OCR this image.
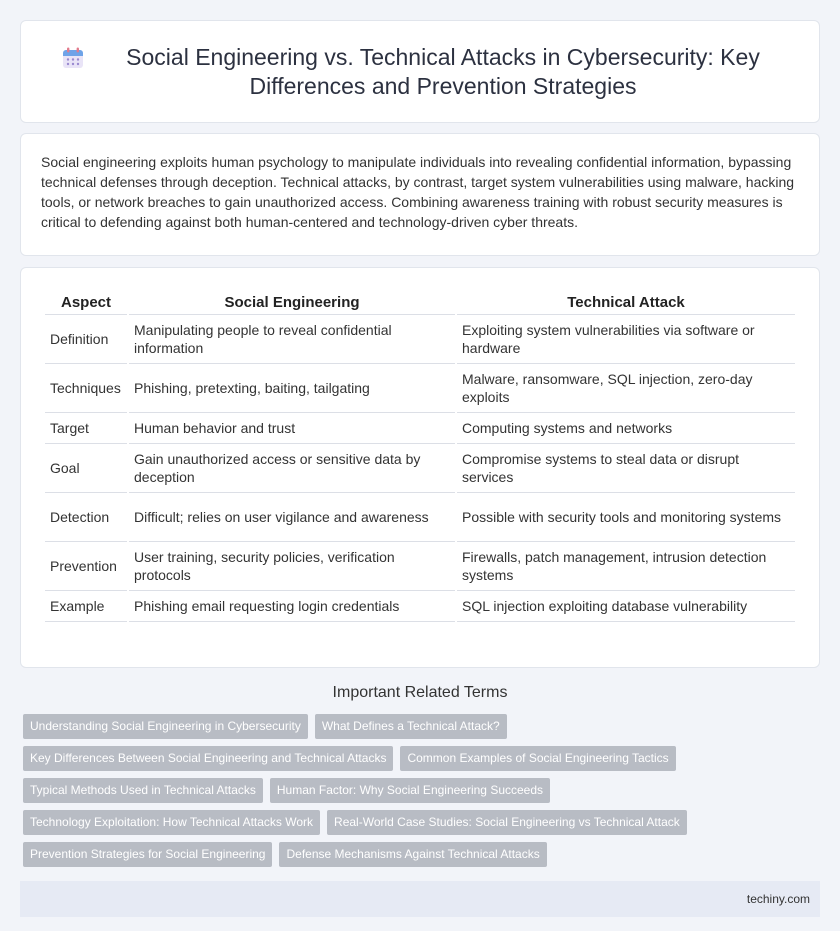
Social Engineering vs. Technical Attacks in Cybersecurity: Key Differences and Prevention Strategies

Social engineering exploits human psychology to manipulate individuals into revealing confidential information, bypassing technical defenses through deception. Technical attacks, by contrast, target system vulnerabilities using malware, hacking tools, or network breaches to gain unauthorized access. Combining awareness training with robust security measures is critical to defending against both human-centered and technology-driven cyber threats.

Aspect	Social Engineering	Technical Attack
Definition	Manipulating people to reveal confidential information	Exploiting system vulnerabilities via software or hardware
Techniques	Phishing, pretexting, baiting, tailgating	Malware, ransomware, SQL injection, zero-day exploits
Target	Human behavior and trust	Computing systems and networks
Goal	Gain unauthorized access or sensitive data by deception	Compromise systems to steal data or disrupt services
Detection	Difficult; relies on user vigilance and awareness	Possible with security tools and monitoring systems
Prevention	User training, security policies, verification protocols	Firewalls, patch management, intrusion detection systems
Example	Phishing email requesting login credentials	SQL injection exploiting database vulnerability
Important Related Terms
Understanding Social Engineering in Cybersecurity	What Defines a Technical Attack?
Key Differences Between Social Engineering and Technical Attacks	Common Examples of Social Engineering Tactics
Typical Methods Used in Technical Attacks	Human Factor: Why Social Engineering Succeeds
Technology Exploitation: How Technical Attacks Work	Real-World Case Studies: Social Engineering vs Technical Attack
Prevention Strategies for Social Engineering	Defense Mechanisms Against Technical Attacks
techiny.com
